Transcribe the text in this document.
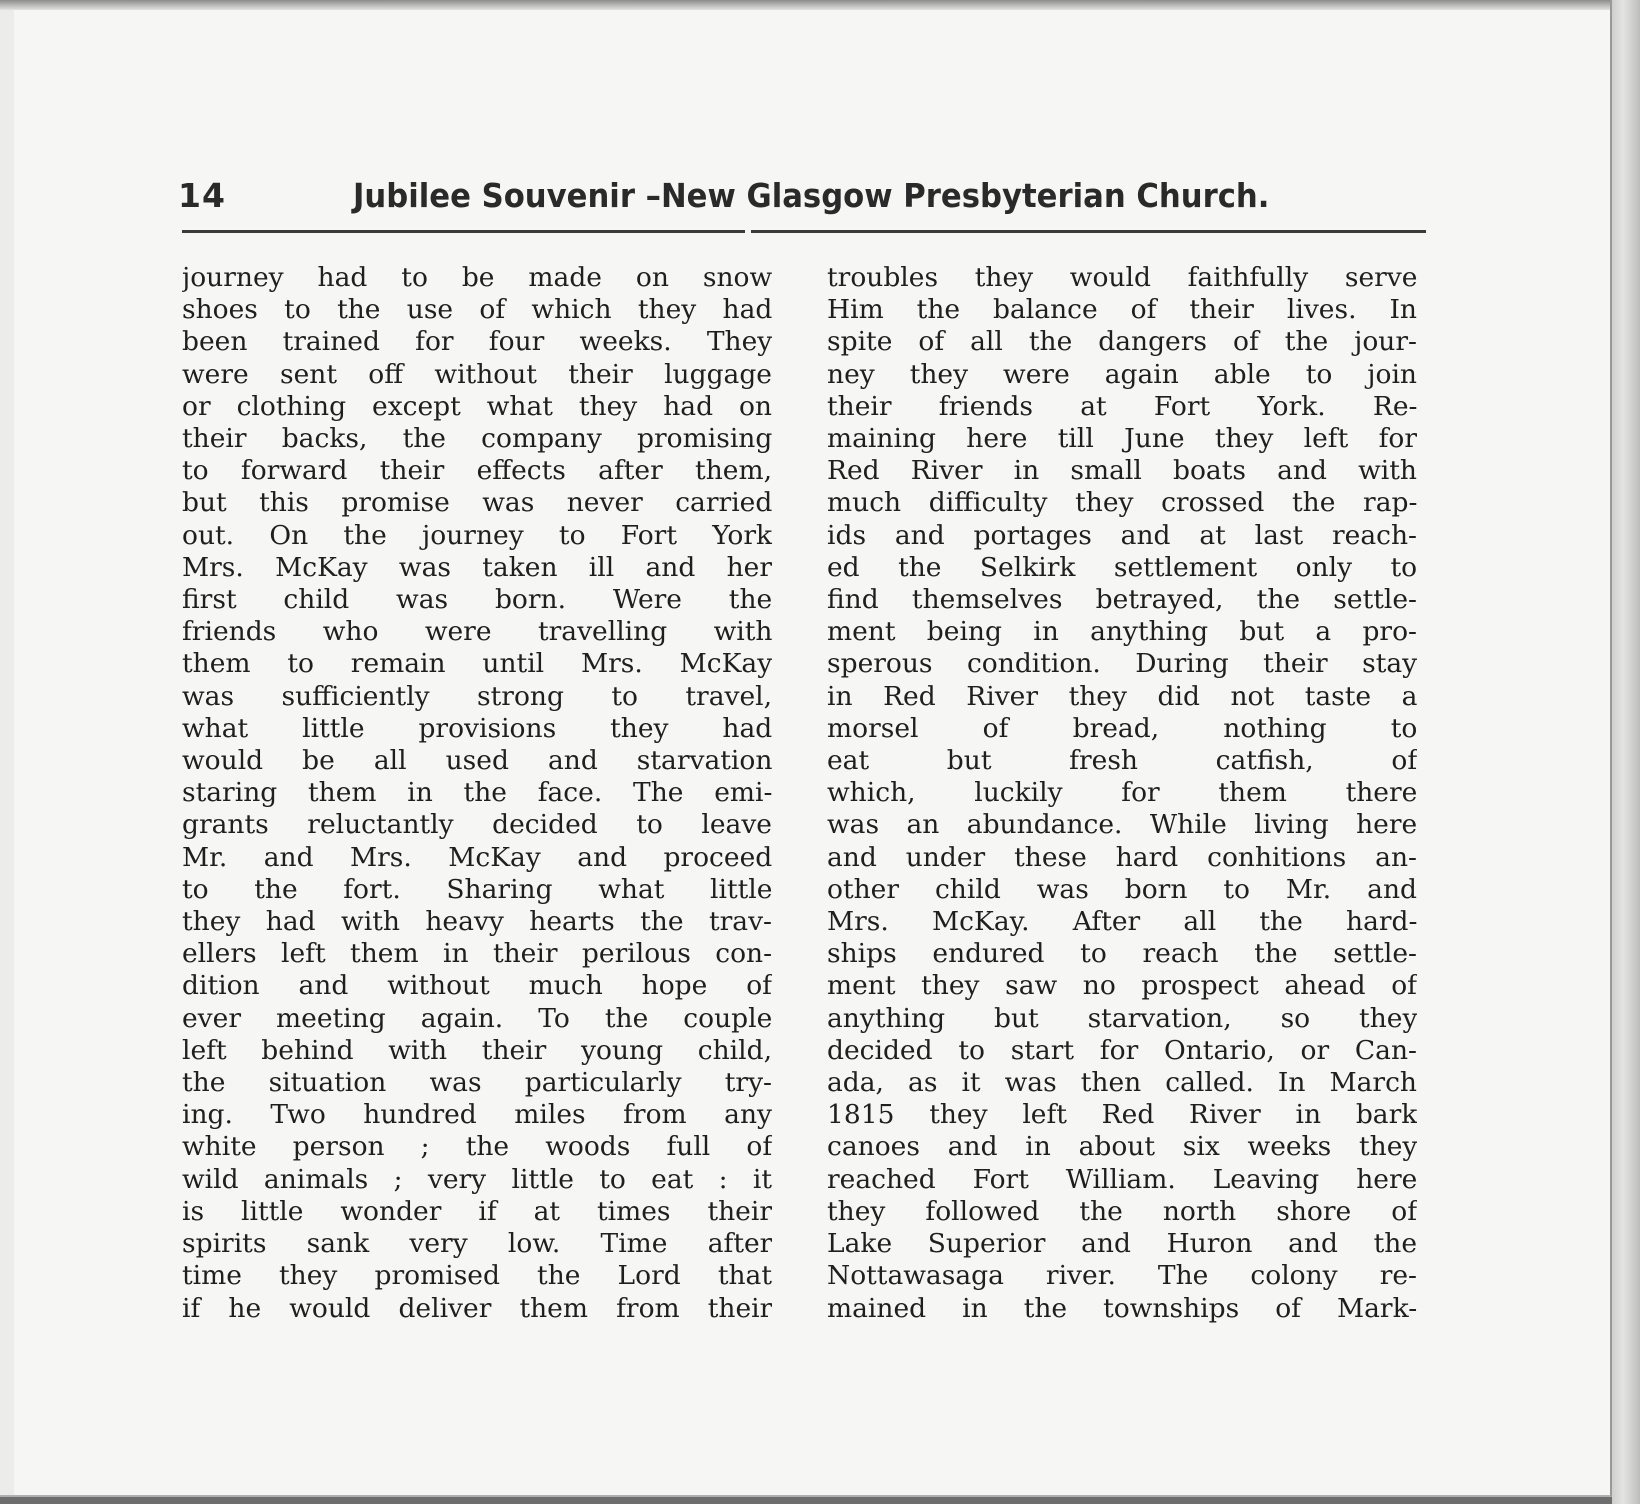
14	Jubilee Souvenir –New Glasgow Presbyterian Church.
journey had to be made on snow
shoes to the use of which they had
been trained for four weeks. They
were sent off without their luggage
or clothing except what they had on
their backs, the company promising
to forward their effects after them,
but this promise was never carried
out. On the journey to Fort York
Mrs. McKay was taken ill and her
first child was born. Were the
friends who were travelling with
them to remain until Mrs. McKay
was sufficiently strong to travel,
what little provisions they had
would be all used and starvation
staring them in the face. The emi-
grants reluctantly decided to leave
Mr. and Mrs. McKay and proceed
to the fort. Sharing what little
they had with heavy hearts the trav-
ellers left them in their perilous con-
dition and without much hope of
ever meeting again. To the couple
left behind with their young child,
the situation was particularly try-
ing. Two hundred miles from any
white person ; the woods full of
wild animals ; very little to eat : it
is little wonder if at times their
spirits sank very low. Time after
time they promised the Lord that
if he would deliver them from their
troubles they would faithfully serve
Him the balance of their lives. In
spite of all the dangers of the jour-
ney they were again able to join
their friends at Fort York. Re-
maining here till June they left for
Red River in small boats and with
much difficulty they crossed the rap-
ids and portages and at last reach-
ed the Selkirk settlement only to
find themselves betrayed, the settle-
ment being in anything but a pro-
sperous condition. During their stay
in Red River they did not taste a
morsel of bread, nothing to
eat but fresh catfish, of
which, luckily for them there
was an abundance. While living here
and under these hard conhitions an-
other child was born to Mr. and
Mrs. McKay. After all the hard-
ships endured to reach the settle-
ment they saw no prospect ahead of
anything but starvation, so they
decided to start for Ontario, or Can-
ada, as it was then called. In March
1815 they left Red River in bark
canoes and in about six weeks they
reached Fort William. Leaving here
they followed the north shore of
Lake Superior and Huron and the
Nottawasaga river. The colony re-
mained in the townships of Mark-
